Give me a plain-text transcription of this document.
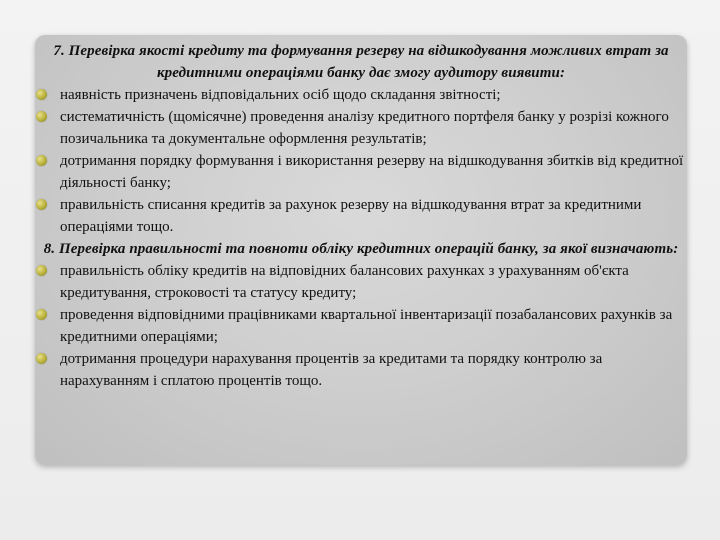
7. Перевірка якості кредиту та формування резерву на відшкодування можливих втрат за кредитними операціями банку дає змогу аудитору виявити:

наявність призначень відповідальних осіб щодо складання звітності;
систематичність (щомісячне) проведення аналізу кредитного портфеля банку у розрізі кожного позичальника та документальне оформлення результатів;
дотримання порядку формування і використання резерву на відшкодування збитків від кредитної діяльності банку;
правильність списання кредитів за рахунок резерву на відшкодування втрат за кредитними операціями тощо.

8. Перевірка правильності та повноти обліку кредитних операцій банку, за якої визначають:

правильність обліку кредитів на відповідних балансових рахунках з урахуванням об'єкта кредитування, строковості та статусу кредиту;
проведення відповідними працівниками квартальної інвентаризації позабалансових рахунків за кредитними операціями;
дотримання процедури нарахування процентів за кредитами та порядку контролю за нарахуванням і сплатою процентів тощо.
